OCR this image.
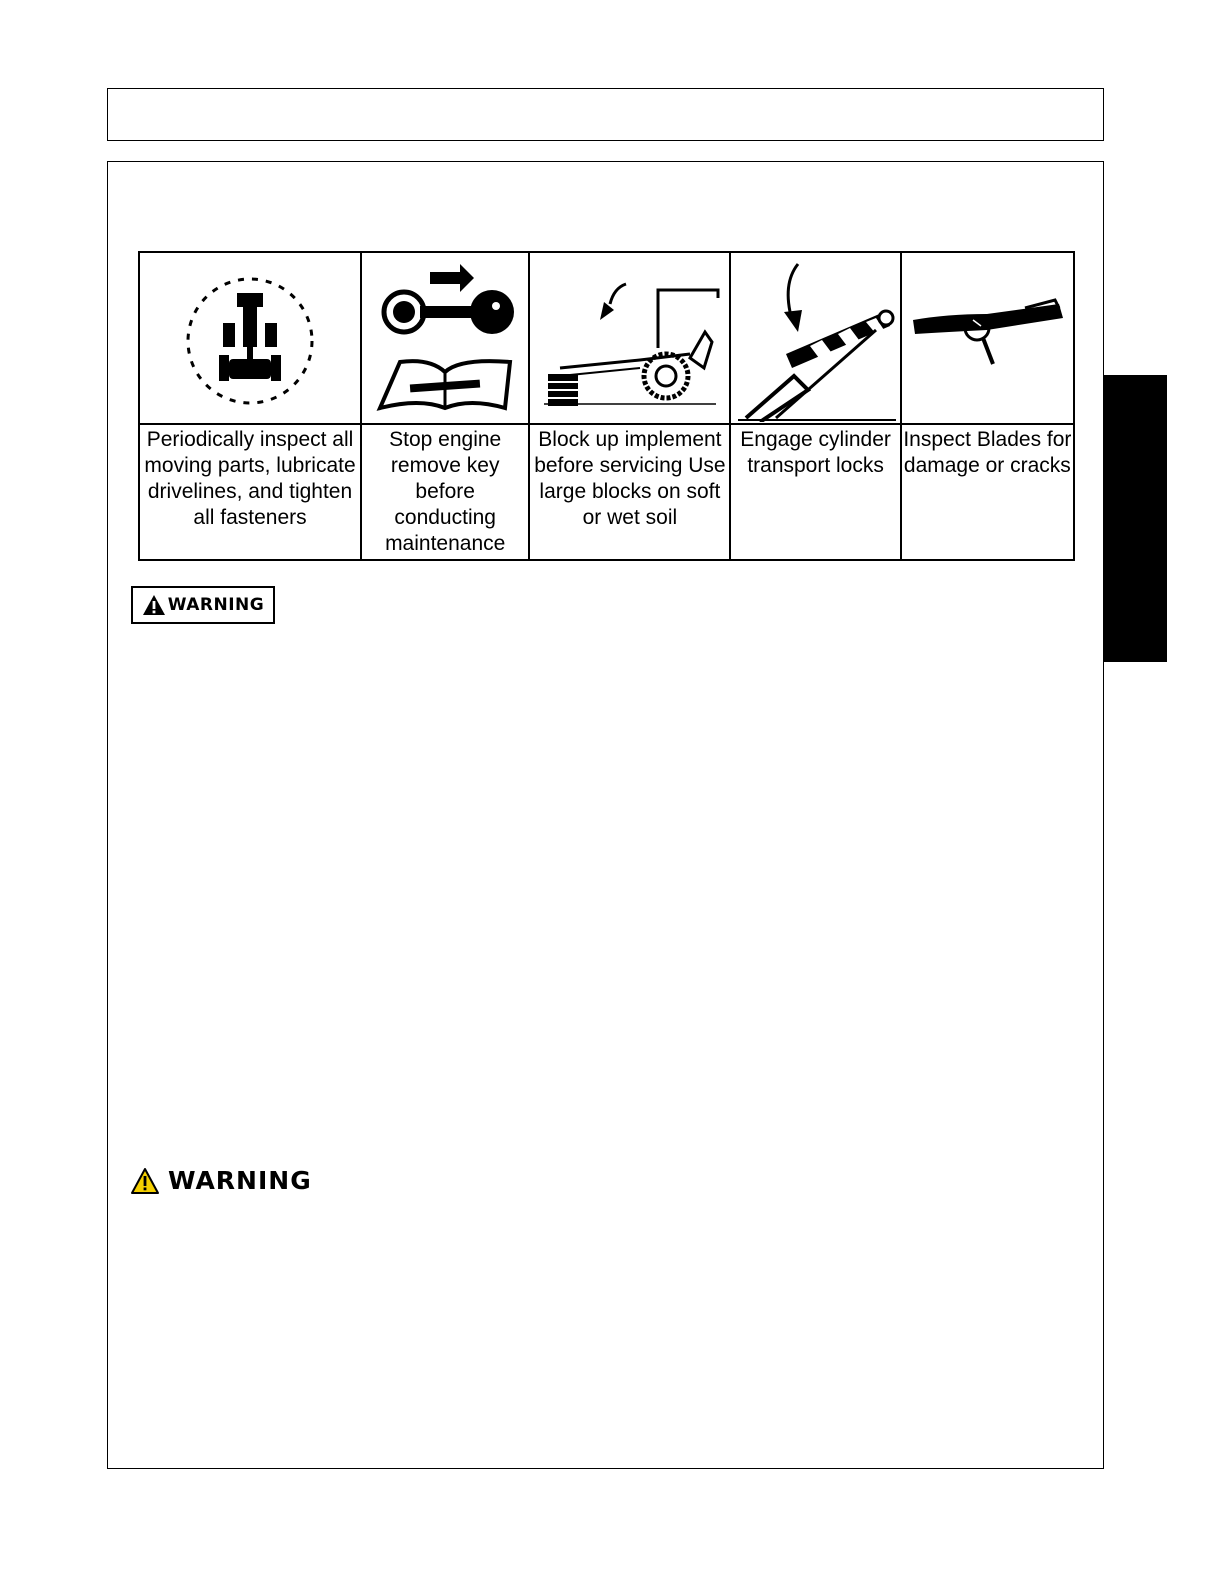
Periodically inspect all moving parts, lubricate drivelines, and tighten all fasteners
Stop engine remove key before conducting maintenance
Block up implement before servicing Use large blocks on soft or wet soil
Engage cylinder transport locks
Inspect Blades for damage or cracks
WARNING
WARNING
